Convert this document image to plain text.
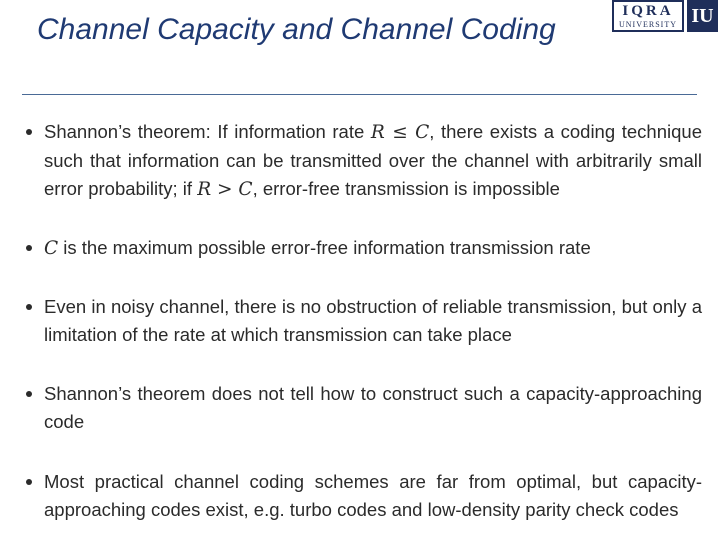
Channel Capacity and Channel Coding
IQRA
UNIVERSITY IU
Shannon’s theorem: If information rate R ≤ C, there exists a coding technique such that information can be transmitted over the channel with arbitrarily small error probability; if R > C, error-free transmission is impossible
C is the maximum possible error-free information transmission rate
Even in noisy channel, there is no obstruction of reliable transmission, but only a limitation of the rate at which transmission can take place
Shannon’s theorem does not tell how to construct such a capacity-approaching code
Most practical channel coding schemes are far from optimal, but capacity-approaching codes exist, e.g. turbo codes and low-density parity check codes
